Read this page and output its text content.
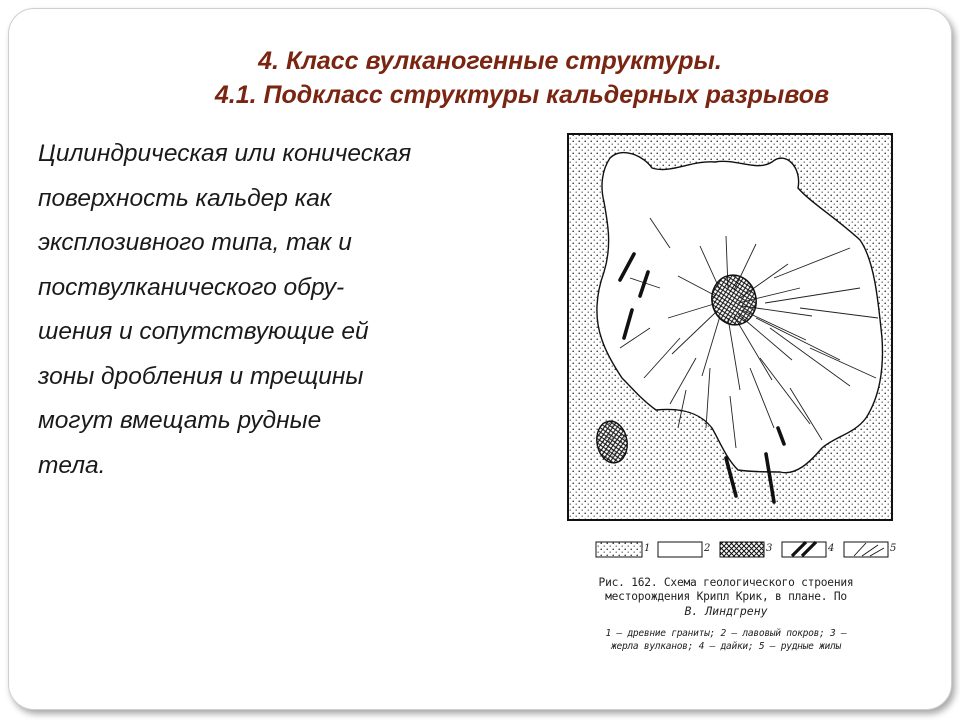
4. Класс вулканогенные структуры.
4.1. Подкласс структуры кальдерных разрывов
Цилиндрическая или коническая
поверхность кальдер как
эксплозивного типа, так и
поствулканического обру-
шения и сопутствующие ей
зоны дробления и трещины
могут вмещать рудные
тела.
1	2	3	4	5
Рис. 162. Схема геологического строения
месторождения Крипл Крик, в плане. По
В. Линдгрену
1 — древние граниты; 2 — лавовый покров; 3 —
жерла вулканов; 4 — дайки; 5 — рудные жилы
